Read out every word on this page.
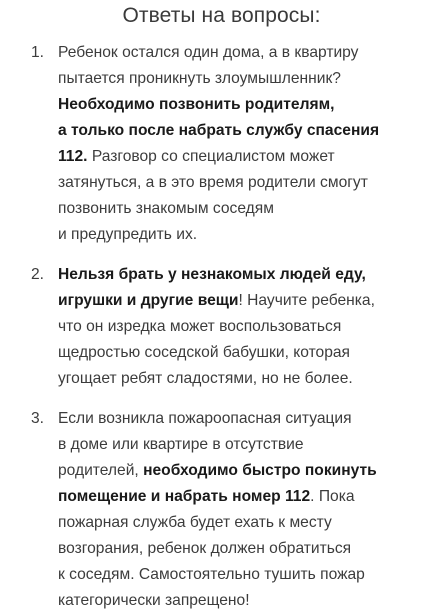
Ответы на вопросы:
1. Ребенок остался один дома, а в квартиру
пытается проникнуть злоумышленник?
Необходимо позвонить родителям,
а только после набрать службу спасения
112. Разговор со специалистом может
затянуться, а в это время родители смогут
позвонить знакомым соседям
и предупредить их.
2. Нельзя брать у незнакомых людей еду,
игрушки и другие вещи! Научите ребенка,
что он изредка может воспользоваться
щедростью соседской бабушки, которая
угощает ребят сладостями, но не более.
3. Если возникла пожароопасная ситуация
в доме или квартире в отсутствие
родителей, необходимо быстро покинуть
помещение и набрать номер 112. Пока
пожарная служба будет ехать к месту
возгорания, ребенок должен обратиться
к соседям. Самостоятельно тушить пожар
категорически запрещено!
